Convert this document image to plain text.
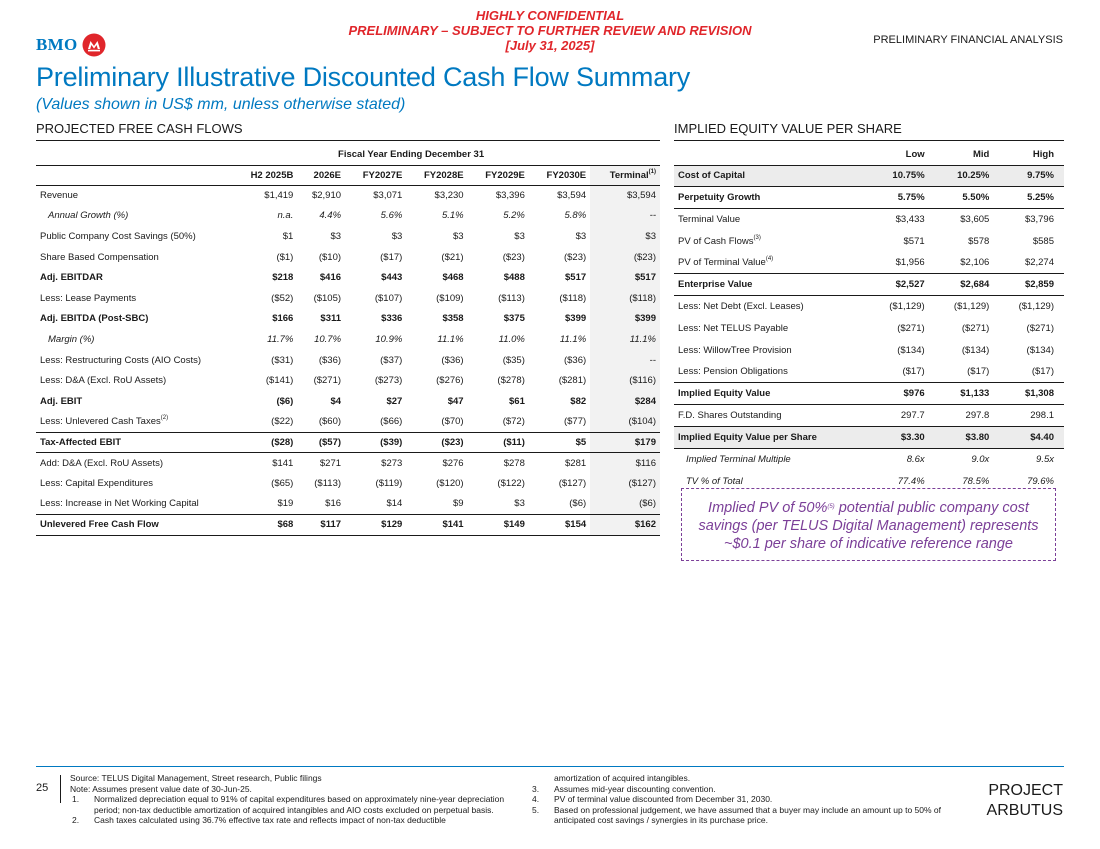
BMO
HIGHLY CONFIDENTIAL
PRELIMINARY – SUBJECT TO FURTHER REVIEW AND REVISION
[July 31, 2025]	PRELIMINARY FINANCIAL ANALYSIS
Preliminary Illustrative Discounted Cash Flow Summary
(Values shown in US$ mm, unless otherwise stated)
PROJECTED FREE CASH FLOWS
	Fiscal Year Ending December 31						
	H2 2025B	2026E	FY2027E	FY2028E	FY2029E	FY2030E	Terminal$^{(1)}$
Revenue	$1,419	$2,910	$3,071	$3,230	$3,396	$3,594	$3,594
Annual Growth (%)	n.a.	4.4%	5.6%	5.1%	5.2%	5.8%	--
Public Company Cost Savings (50%)	$1	$3	$3	$3	$3	$3	$3
Share Based Compensation	($1)	($10)	($17)	($21)	($23)	($23)	($23)
Adj. EBITDAR	$218	$416	$443	$468	$488	$517	$517
Less: Lease Payments	($52)	($105)	($107)	($109)	($113)	($118)	($118)
Adj. EBITDA (Post-SBC)	$166	$311	$336	$358	$375	$399	$399
Margin (%)	11.7%	10.7%	10.9%	11.1%	11.0%	11.1%	11.1%
Less: Restructuring Costs (AIO Costs)	($31)	($36)	($37)	($36)	($35)	($36)	--
Less: D&A (Excl. RoU Assets)	($141)	($271)	($273)	($276)	($278)	($281)	($116)
Adj. EBIT	($6)	$4	$27	$47	$61	$82	$284
Less: Unlevered Cash Taxes$^{(2)}$	($22)	($60)	($66)	($70)	($72)	($77)	($104)
Tax-Affected EBIT	($28)	($57)	($39)	($23)	($11)	$5	$179
Add: D&A (Excl. RoU Assets)	$141	$271	$273	$276	$278	$281	$116
Less: Capital Expenditures	($65)	($113)	($119)	($120)	($122)	($127)	($127)
Less: Increase in Net Working Capital	$19	$16	$14	$9	$3	($6)	($6)
Unlevered Free Cash Flow	$68	$117	$129	$141	$149	$154	$162
IMPLIED EQUITY VALUE PER SHARE
	Low	Mid	High
Cost of Capital	10.75%	10.25%	9.75%
Perpetuity Growth	5.75%	5.50%	5.25%
Terminal Value	$3,433	$3,605	$3,796
PV of Cash Flows$^{(3)}$	$571	$578	$585
PV of Terminal Value$^{(4)}$	$1,956	$2,106	$2,274
Enterprise Value	$2,527	$2,684	$2,859
Less: Net Debt (Excl. Leases)	($1,129)	($1,129)	($1,129)
Less: Net TELUS Payable	($271)	($271)	($271)
Less: WillowTree Provision	($134)	($134)	($134)
Less: Pension Obligations	($17)	($17)	($17)
Implied Equity Value	$976	$1,133	$1,308
F.D. Shares Outstanding	297.7	297.8	298.1
Implied Equity Value per Share	$3.30	$3.80	$4.40
Implied Terminal Multiple	8.6x	9.0x	9.5x
TV % of Total	77.4%	78.5%	79.6%
Implied PV of 50%$^{(5)}$ potential public company cost savings (per TELUS Digital Management) represents ~$0.1 per share of indicative reference range
25
Source: TELUS Digital Management, Street research, Public filings
Note: Assumes present value date of 30-Jun-25.
1.	Normalized depreciation equal to 91% of capital expenditures based on approximately nine-year depreciation period; non-tax deductible amortization of acquired intangibles and AIO costs excluded on perpetual basis.
2.	Cash taxes calculated using 36.7% effective tax rate and reflects impact of non-tax deductible
amortization of acquired intangibles.
3.	Assumes mid-year discounting convention.
4.	PV of terminal value discounted from December 31, 2030.
5.	Based on professional judgement, we have assumed that a buyer may include an amount up to 50% of anticipated cost savings / synergies in its purchase price.
PROJECT
ARBUTUS
